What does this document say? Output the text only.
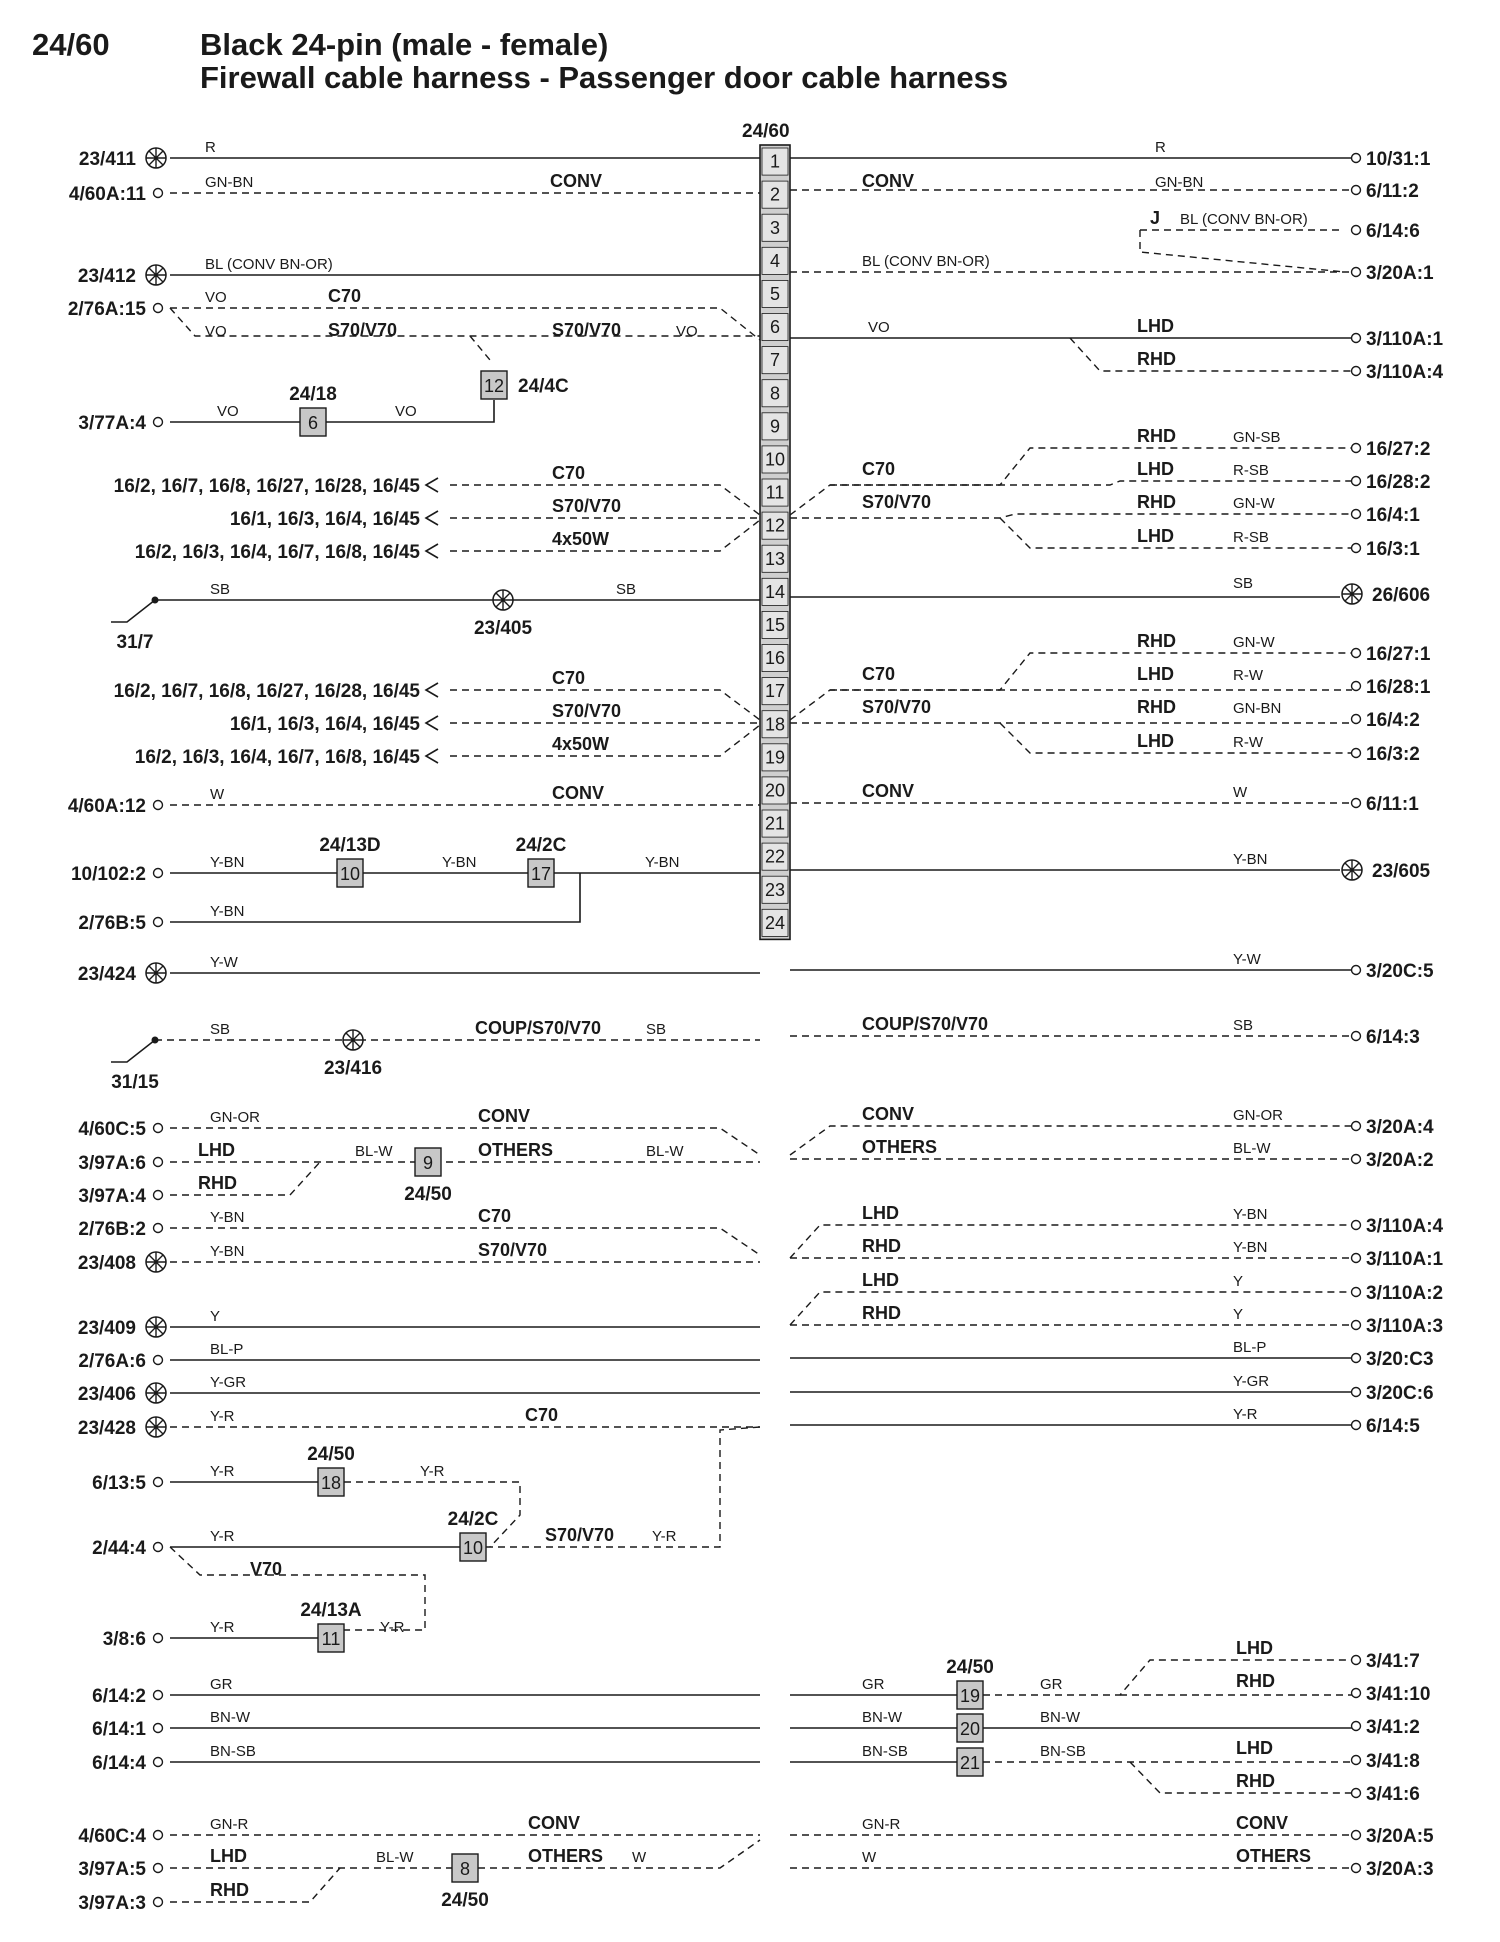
24/60	Black 24-pin (male - female)
Firewall cable harness - Passenger door cable harness
24/60
1
2
3
4
5
6
7
8
9
10
11
12
13
14
15
16
17
18
19
20
21
22
23
24
31/7
31/15
12 24/4C
6
24/18
10
24/13D
17
24/2C
9
24/50
18
24/50
10
24/2C
11
24/13A
8
24/50
19
24/50
20
21
23/405
23/416
23/411
4/60A:11
23/412
2/76A:15
3/77A:4
16/2, 16/7, 16/8, 16/27, 16/28, 16/45
16/1, 16/3, 16/4, 16/45
16/2, 16/3, 16/4, 16/7, 16/8, 16/45
16/2, 16/7, 16/8, 16/27, 16/28, 16/45
16/1, 16/3, 16/4, 16/45
16/2, 16/3, 16/4, 16/7, 16/8, 16/45
4/60A:12
10/102:2
2/76B:5
23/424
4/60C:5
3/97A:6
3/97A:4
2/76B:2
23/408
23/409
2/76A:6
23/406
23/428
6/13:5
2/44:4
3/8:6
6/14:2
6/14:1
6/14:4
4/60C:4
3/97A:5
3/97A:3
10/31:1
6/11:2
6/14:6
3/20A:1
3/110A:1
3/110A:4
16/27:2
16/28:2
16/4:1
16/3:1
26/606
16/27:1
16/28:1
16/4:2
16/3:2
6/11:1
23/605
3/20C:5
6/14:3
3/20A:4
3/20A:2
3/110A:4
3/110A:1
3/110A:2
3/110A:3
3/20:C3
3/20C:6
6/14:5
3/41:7
3/41:10
3/41:2
3/41:8
3/41:6
3/20A:5
3/20A:3
R
GN-BN	CONV
BL (CONV BN-OR)
VO	C70
VO	S70/V70	S70/V70	VO
VO	VO
C70
S70/V70
4x50W
SB	SB
C70
S70/V70
4x50W
W	CONV
Y-BN	Y-BN	Y-BN
Y-BN
Y-W
SB	COUP/S70/V70	SB
GN-OR	CONV
LHD	BL-W	OTHERS	BL-W
RHD
Y-BN	C70
Y-BN	S70/V70
Y
BL-P
Y-GR
Y-R	C70
Y-R	Y-R
Y-R	S70/V70	Y-R
V70
Y-R	Y-R
GR
BN-W
BN-SB
GN-R	CONV
LHD	BL-W	OTHERS W
RHD
R
CONV	GN-BN
J BL (CONV BN-OR)
BL (CONV BN-OR)
VO	LHD
RHD
RHD	GN-SB
C70	LHD	R-SB
S70/V70	RHD	GN-W
LHD	R-SB
SB
RHD	GN-W
C70	LHD	R-W
S70/V70	RHD	GN-BN
LHD	R-W
CONV	W
Y-BN
Y-W
COUP/S70/V70	SB
CONV	GN-OR
OTHERS	BL-W
LHD	Y-BN
RHD	Y-BN
LHD	Y
RHD	Y
BL-P
Y-GR
Y-R
GR	GR
LHD
RHD
BN-W	BN-W
BN-SB	BN-SB	LHD
RHD
GN-R	CONV
W	OTHERS
